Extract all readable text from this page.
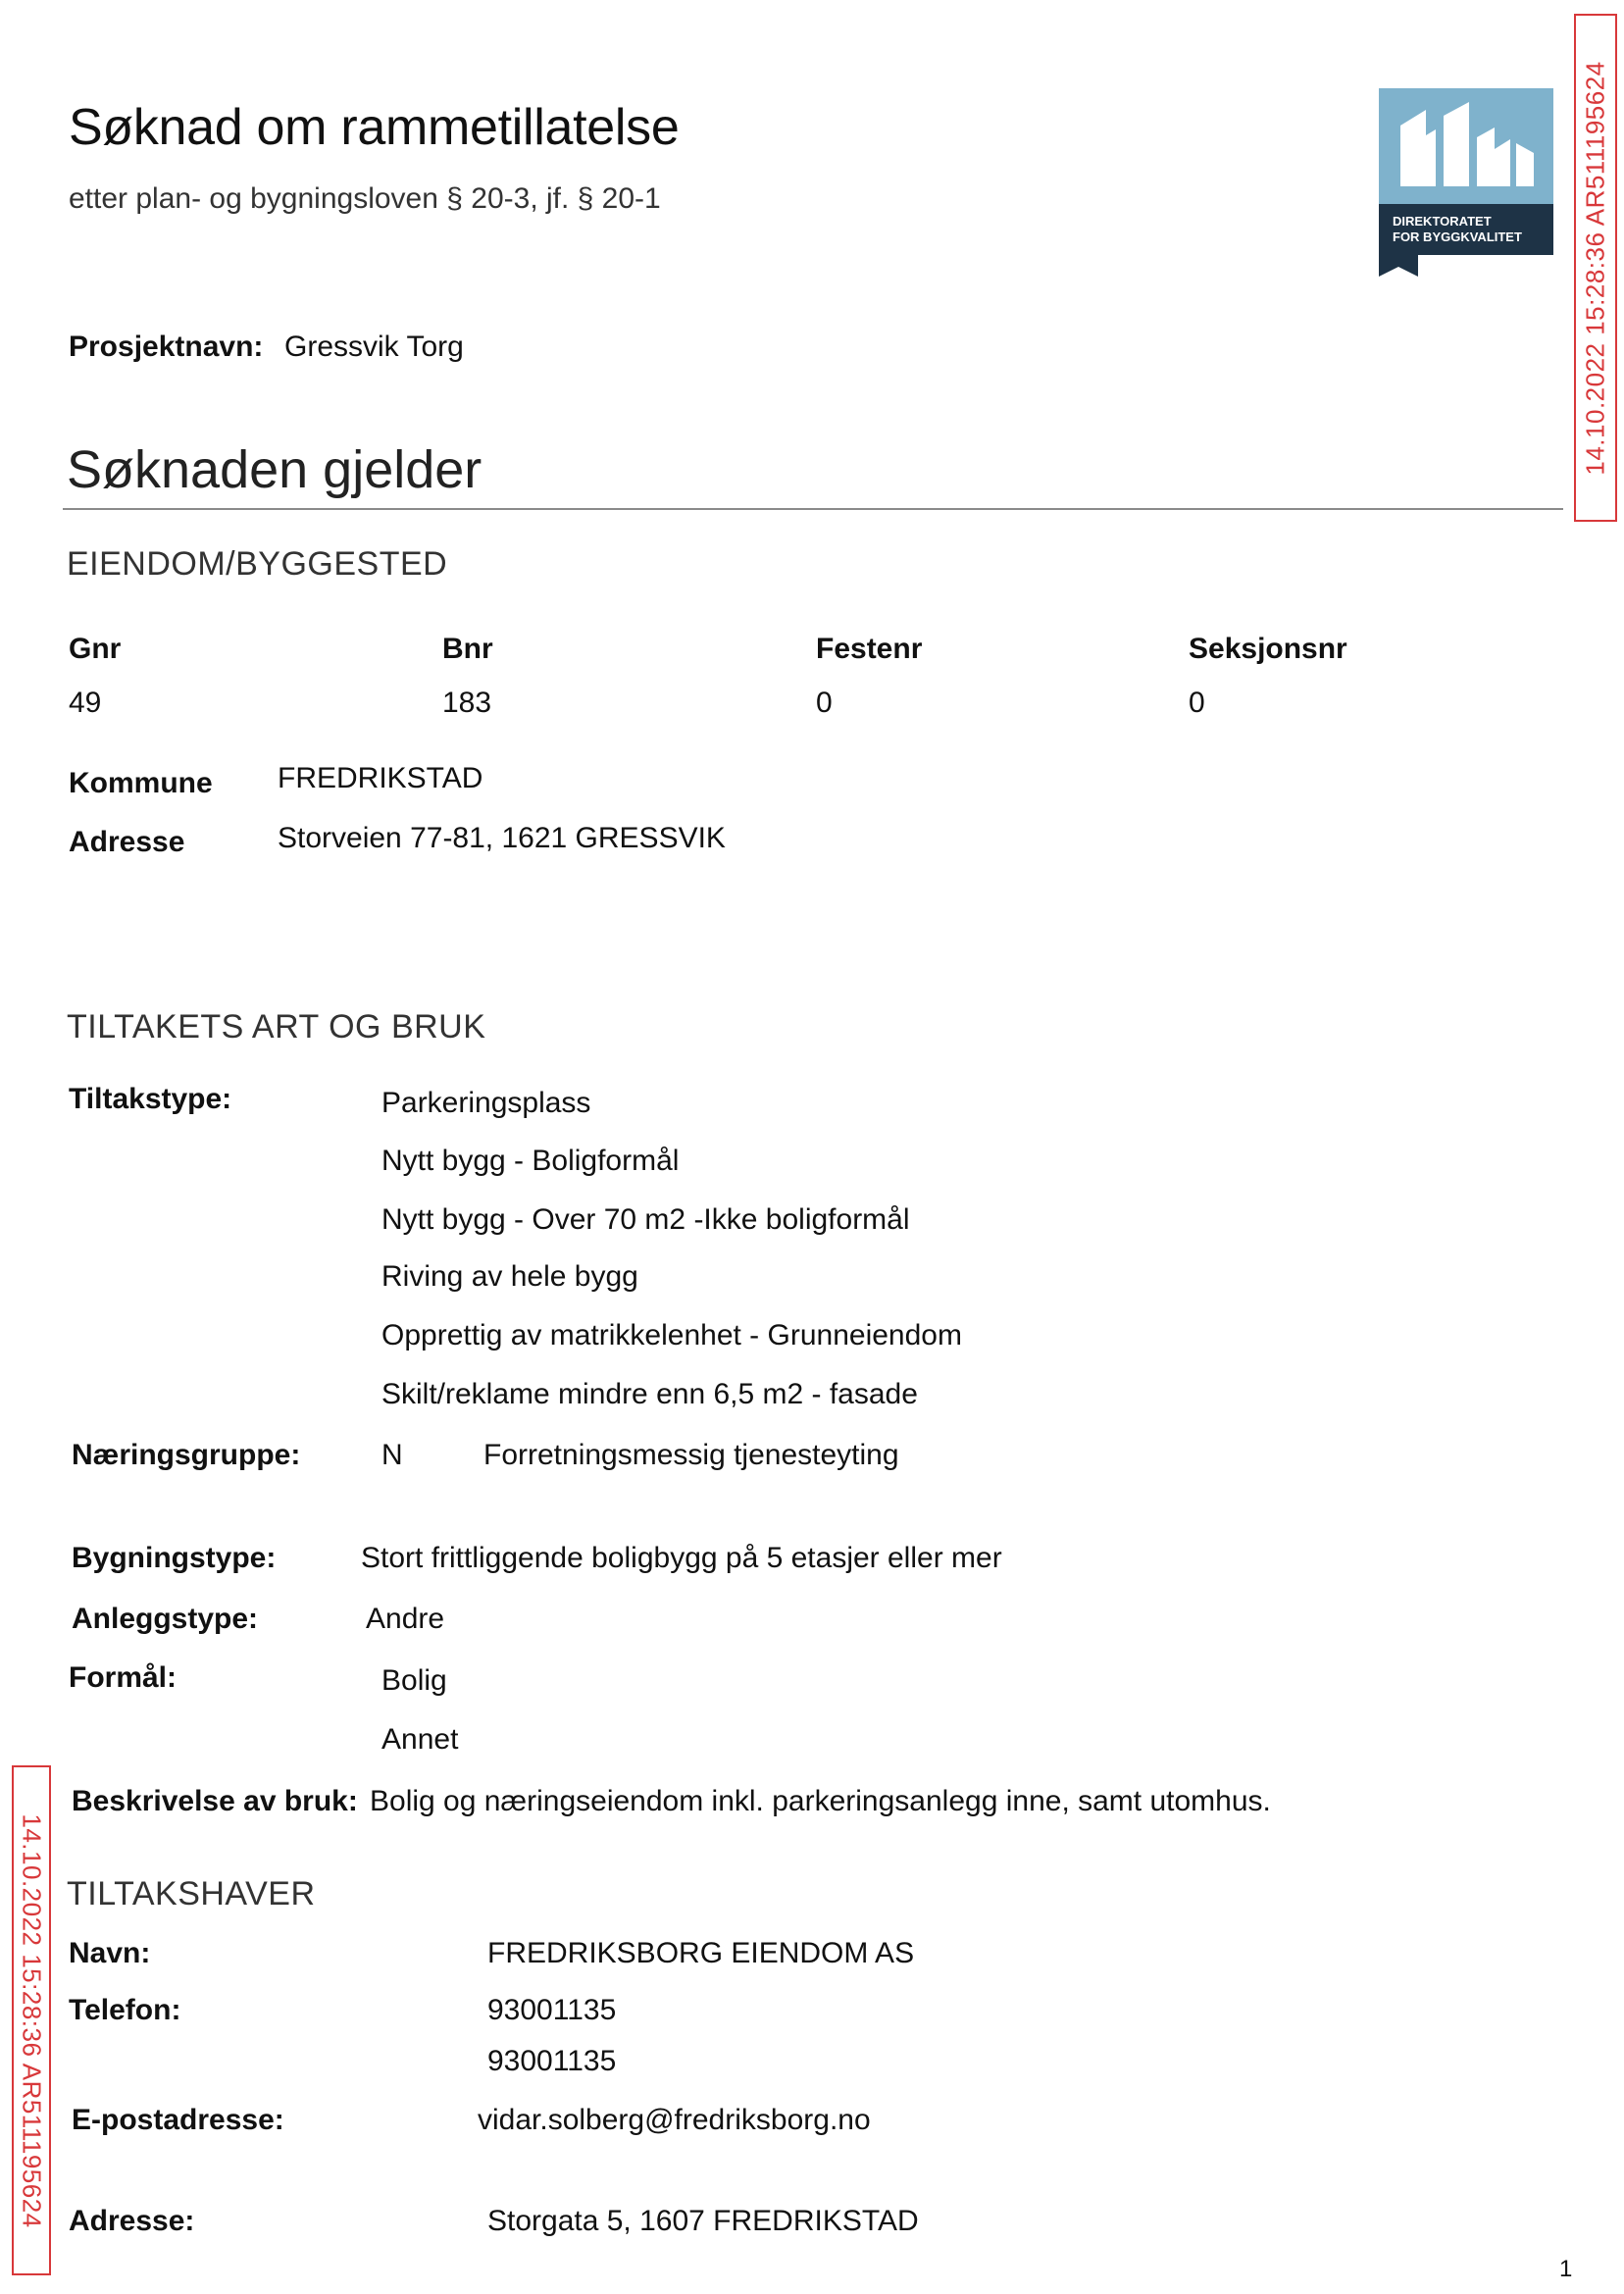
Søknad om rammetillatelse
etter plan- og bygningsloven § 20-3, jf. § 20-1
DIREKTORATET
FOR BYGGKVALITET 14.10.2022 15:28:36 AR511195624
14.10.2022 15:28:36 AR511195624
Prosjektnavn: Gressvik Torg
Søknaden gjelder
EIENDOM/BYGGESTED
Gnr	Bnr	Festenr	Seksjonsnr
49	183	0	0
Kommune FREDRIKSTAD
Adresse	Storveien 77-81, 1621 GRESSVIK
TILTAKETS ART OG BRUK
Tiltakstype:	Parkeringsplass
Nytt bygg - Boligformål
Nytt bygg - Over 70 m2 -Ikke boligformål
Riving av hele bygg
Opprettig av matrikkelenhet - Grunneiendom
Skilt/reklame mindre enn 6,5 m2 - fasade
Næringsgruppe:	N	Forretningsmessig tjenesteyting
Bygningstype:	Stort frittliggende boligbygg på 5 etasjer eller mer
Anleggstype:	Andre
Formål:	Bolig
Annet
Beskrivelse av bruk: Bolig og næringseiendom inkl. parkeringsanlegg inne, samt utomhus.
TILTAKSHAVER
Navn:	FREDRIKSBORG EIENDOM AS
Telefon:	93001135
93001135
E-postadresse:	vidar.solberg@fredriksborg.no
Adresse:	Storgata 5, 1607 FREDRIKSTAD
1
